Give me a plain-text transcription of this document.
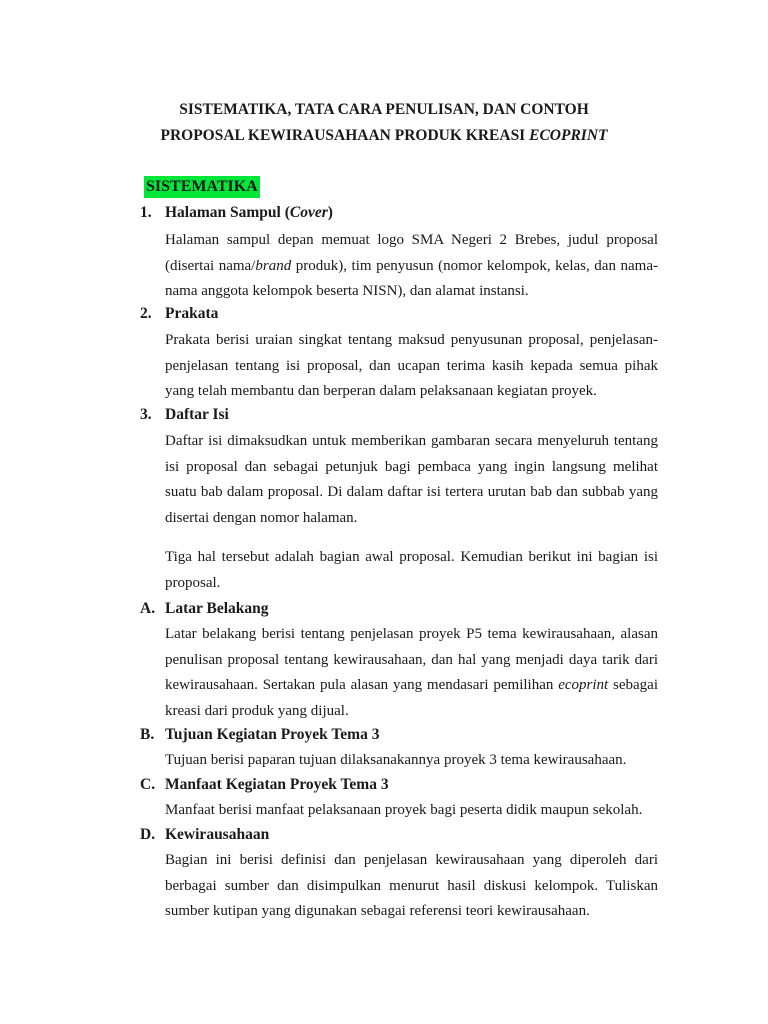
SISTEMATIKA, TATA CARA PENULISAN, DAN CONTOH
PROPOSAL KEWIRAUSAHAAN PRODUK KREASI ECOPRINT
SISTEMATIKA
1. Halaman Sampul (Cover)
Halaman sampul depan memuat logo SMA Negeri 2 Brebes, judul proposal (disertai nama/brand produk), tim penyusun (nomor kelompok, kelas, dan nama-nama anggota kelompok beserta NISN), dan alamat instansi.
2. Prakata
Prakata berisi uraian singkat tentang maksud penyusunan proposal, penjelasan-penjelasan tentang isi proposal, dan ucapan terima kasih kepada semua pihak yang telah membantu dan berperan dalam pelaksanaan kegiatan proyek.
3. Daftar Isi
Daftar isi dimaksudkan untuk memberikan gambaran secara menyeluruh tentang isi proposal dan sebagai petunjuk bagi pembaca yang ingin langsung melihat suatu bab dalam proposal. Di dalam daftar isi tertera urutan bab dan subbab yang disertai dengan nomor halaman.
Tiga hal tersebut adalah bagian awal proposal. Kemudian berikut ini bagian isi proposal.
A. Latar Belakang
Latar belakang berisi tentang penjelasan proyek P5 tema kewirausahaan, alasan penulisan proposal tentang kewirausahaan, dan hal yang menjadi daya tarik dari kewirausahaan. Sertakan pula alasan yang mendasari pemilihan ecoprint sebagai kreasi dari produk yang dijual.
B. Tujuan Kegiatan Proyek Tema 3
Tujuan berisi paparan tujuan dilaksanakannya proyek 3 tema kewirausahaan.
C. Manfaat Kegiatan Proyek Tema 3
Manfaat berisi manfaat pelaksanaan proyek bagi peserta didik maupun sekolah.
D. Kewirausahaan
Bagian ini berisi definisi dan penjelasan kewirausahaan yang diperoleh dari berbagai sumber dan disimpulkan menurut hasil diskusi kelompok. Tuliskan sumber kutipan yang digunakan sebagai referensi teori kewirausahaan.
